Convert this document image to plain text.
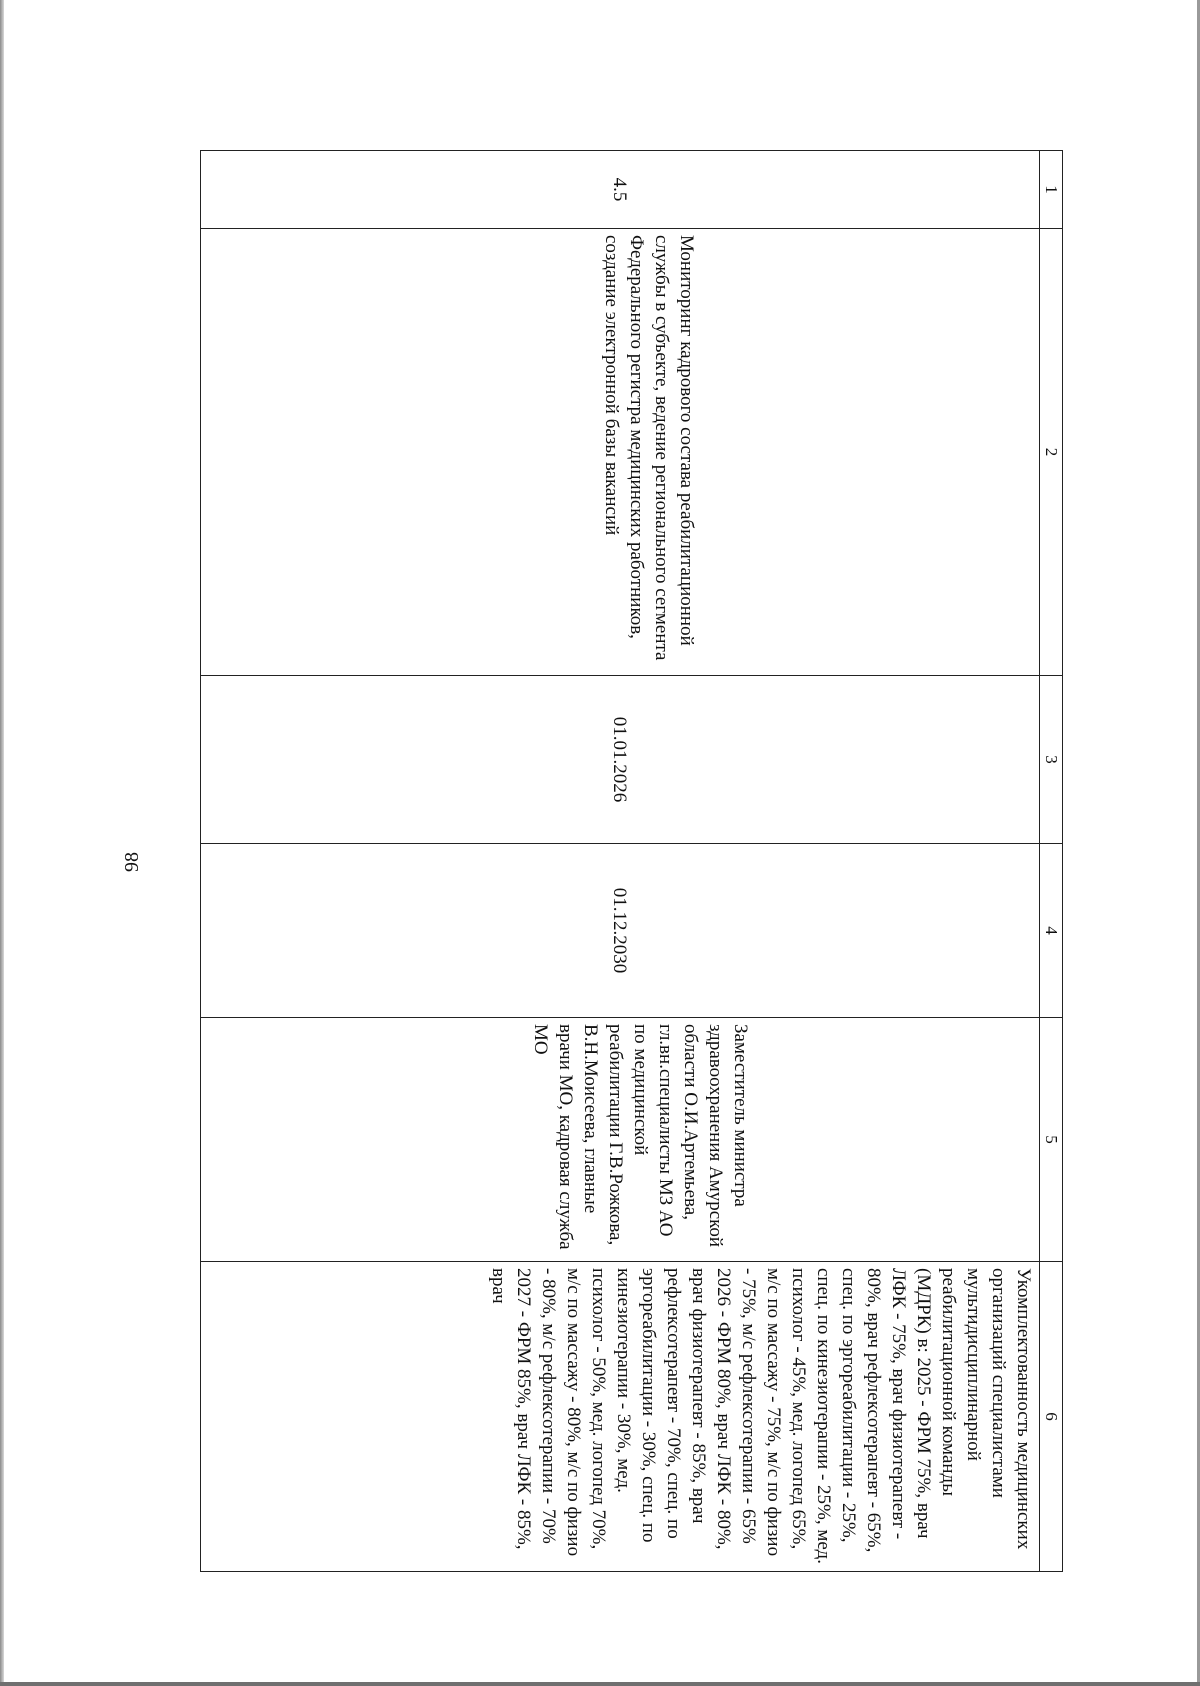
98
1	2	3	4	5	6
4.5	Мониторинг кадрового состава реабилитационной службы в субъекте, ведение регионального сегмента Федерального регистра медицинских работников, создание электронной базы вакансий	01.01.2026	01.12.2030	Заместитель министра здравоохранения Амурской области О.И.Артемьева, гл.вн.специалисты МЗ АО по медицинской реабилитации Г.В.Рожкова, В.Н.Моисеева, главные врачи МО, кадровая служба МО	Укомплектованность медицинских организаций специалистами мультидисциплинарной реабилитационной команды (МДРК) в: 2025 - ФРМ 75%, врач ЛФК - 75%, врач физиотерапевт - 80%, врач рефлексотерапевт - 65%, спец. по эргореабилитации - 25%, спец. по кинезиотерапии - 25%, мед. психолог - 45%, мед. логопед 65%, м/с по массажу - 75%, м/с по физио - 75%, м/с рефлексотерапии - 65% 2026 - ФРМ 80%, врач ЛФК - 80%, врач физиотерапевт - 85%, врач рефлексотерапевт - 70%, спец. по эргореабилитации - 30%, спец. по кинезиотерапии - 30%, мед. психолог - 50%, мед. логопед 70%, м/с по массажу - 80%, м/с по физио - 80%, м/с рефлексотерапии - 70% 2027 - ФРМ 85%, врач ЛФК - 85%, врач
